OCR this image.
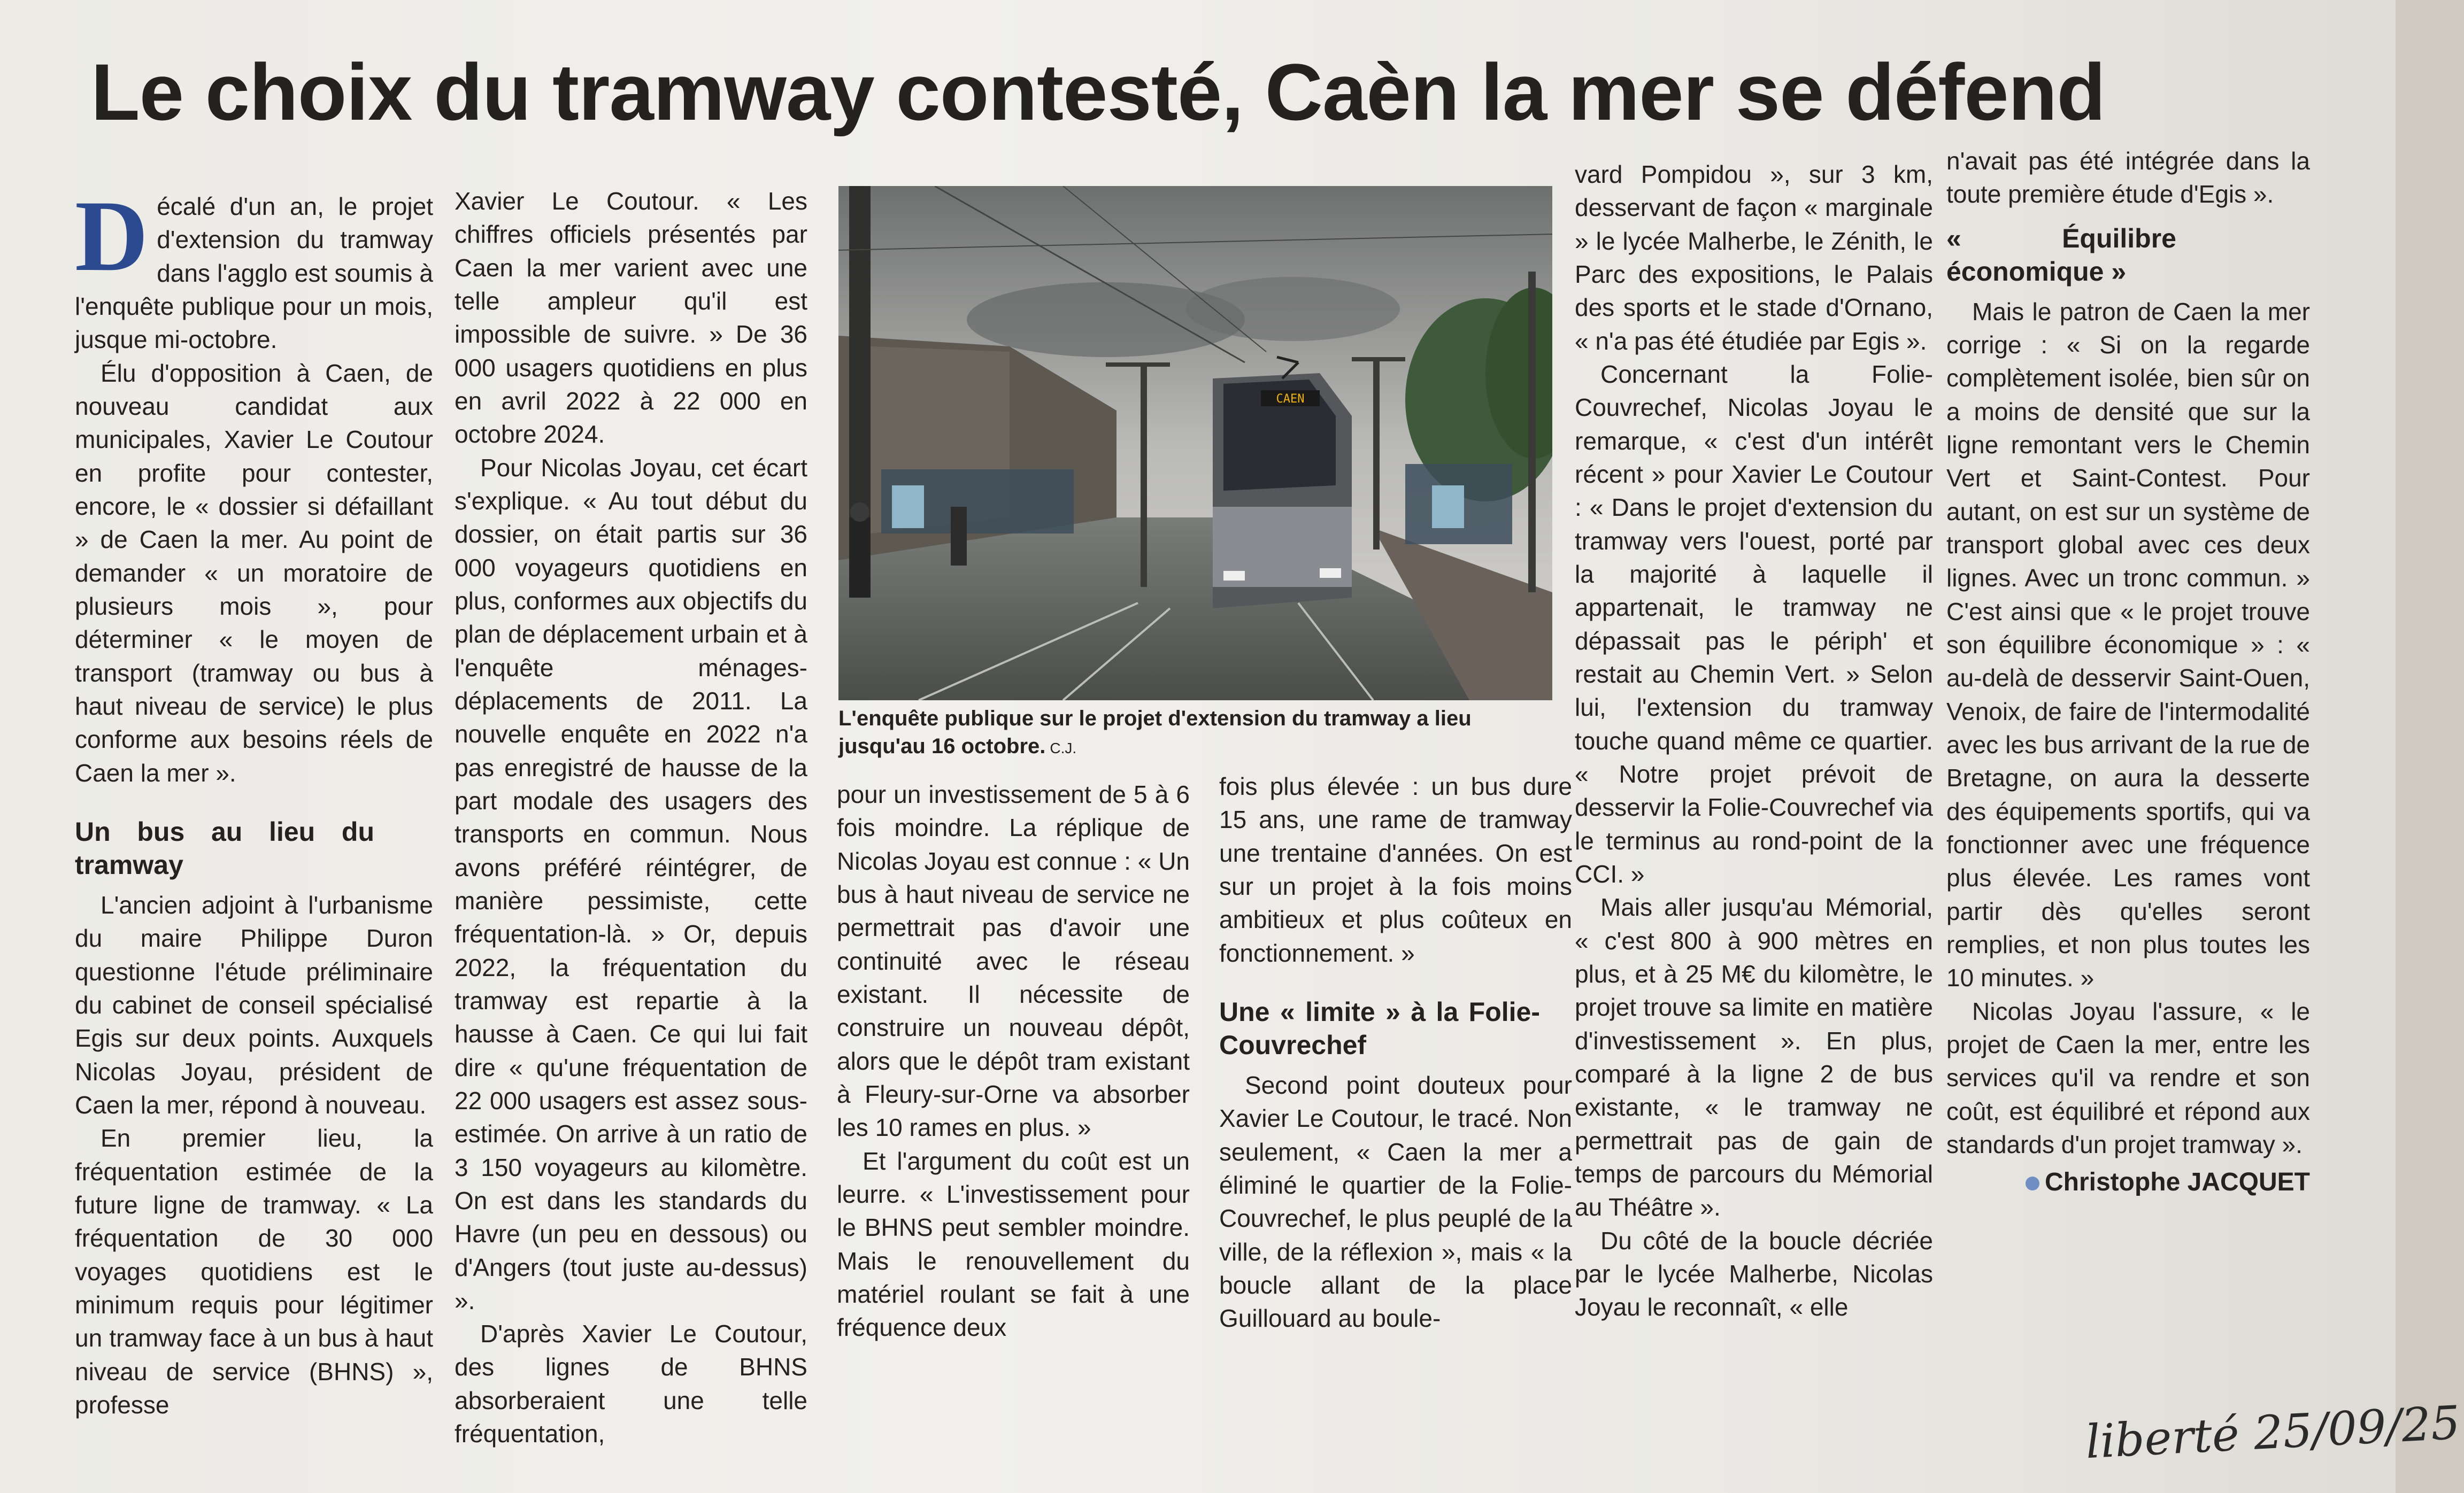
Le choix du tramway contesté, Caèn la mer se défend

Décalé d'un an, le projet d'extension du tramway dans l'agglo est soumis à l'enquête publique pour un mois, jusque mi-octobre.

Élu d'opposition à Caen, de nouveau candidat aux municipales, Xavier Le Coutour en profite pour contester, encore, le « dossier si défaillant » de Caen la mer. Au point de demander « un moratoire de plusieurs mois », pour déterminer « le moyen de transport (tramway ou bus à haut niveau de service) le plus conforme aux besoins réels de Caen la mer ».

Un bus au lieu du tramway

L'ancien adjoint à l'urbanisme du maire Philippe Duron questionne l'étude préliminaire du cabinet de conseil spécialisé Egis sur deux points. Auxquels Nicolas Joyau, président de Caen la mer, répond à nouveau.

En premier lieu, la fréquentation estimée de la future ligne de tramway. « La fréquentation de 30 000 voyages quotidiens est le minimum requis pour légitimer un tramway face à un bus à haut niveau de service (BHNS) », professe

Xavier Le Coutour. « Les chiffres officiels présentés par Caen la mer varient avec une telle ampleur qu'il est impossible de suivre. » De 36 000 usagers quotidiens en plus en avril 2022 à 22 000 en octobre 2024.

Pour Nicolas Joyau, cet écart s'explique. « Au tout début du dossier, on était partis sur 36 000 voyageurs quotidiens en plus, conformes aux objectifs du plan de déplacement urbain et à l'enquête ménages-déplacements de 2011. La nouvelle enquête en 2022 n'a pas enregistré de hausse de la part modale des usagers des transports en commun. Nous avons préféré réintégrer, de manière pessimiste, cette fréquentation-là. » Or, depuis 2022, la fréquentation du tramway est repartie à la hausse à Caen. Ce qui lui fait dire « qu'une fréquentation de 22 000 usagers est assez sous-estimée. On arrive à un ratio de 3 150 voyageurs au kilomètre. On est dans les standards du Havre (un peu en dessous) ou d'Angers (tout juste au-dessus) ».

D'après Xavier Le Coutour, des lignes de BHNS absorberaient une telle fréquentation,

CAEN
L'enquête publique sur le projet d'extension du tramway a lieu jusqu'au 16 octobre. C.J.

pour un investissement de 5 à 6 fois moindre. La réplique de Nicolas Joyau est connue : « Un bus à haut niveau de service ne permettrait pas d'avoir une continuité avec le réseau existant. Il nécessite de construire un nouveau dépôt, alors que le dépôt tram existant à Fleury-sur-Orne va absorber les 10 rames en plus. »

Et l'argument du coût est un leurre. « L'investissement pour le BHNS peut sembler moindre. Mais le renouvellement du matériel roulant se fait à une fréquence deux

fois plus élevée : un bus dure 15 ans, une rame de tramway une trentaine d'années. On est sur un projet à la fois moins ambitieux et plus coûteux en fonctionnement. »

Une « limite » à la Folie-Couvrechef

Second point douteux pour Xavier Le Coutour, le tracé. Non seulement, « Caen la mer a éliminé le quartier de la Folie-Couvrechef, le plus peuplé de la ville, de la réflexion », mais « la boucle allant de la place Guillouard au boule-

vard Pompidou », sur 3 km, desservant de façon « marginale » le lycée Malherbe, le Zénith, le Parc des expositions, le Palais des sports et le stade d'Ornano, « n'a pas été étudiée par Egis ».

Concernant la Folie-Couvrechef, Nicolas Joyau le remarque, « c'est d'un intérêt récent » pour Xavier Le Coutour : « Dans le projet d'extension du tramway vers l'ouest, porté par la majorité à laquelle il appartenait, le tramway ne dépassait pas le périph' et restait au Chemin Vert. » Selon lui, l'extension du tramway touche quand même ce quartier. « Notre projet prévoit de desservir la Folie-Couvrechef via le terminus au rond-point de la CCI. »

Mais aller jusqu'au Mémorial, « c'est 800 à 900 mètres en plus, et à 25 M€ du kilomètre, le projet trouve sa limite en matière d'investissement ». En plus, comparé à la ligne 2 de bus existante, « le tramway ne permettrait pas de gain de temps de parcours du Mémorial au Théâtre ».

Du côté de la boucle décriée par le lycée Malherbe, Nicolas Joyau le reconnaît, « elle

n'avait pas été intégrée dans la toute première étude d'Egis ».

« Équilibre économique »

Mais le patron de Caen la mer corrige : « Si on la regarde complètement isolée, bien sûr on a moins de densité que sur la ligne remontant vers le Chemin Vert et Saint-Contest. Pour autant, on est sur un système de transport global avec ces deux lignes. Avec un tronc commun. » C'est ainsi que « le projet trouve son équilibre économique » : « au-delà de desservir Saint-Ouen, Venoix, de faire de l'intermodalité avec les bus arrivant de la rue de Bretagne, on aura la desserte des équipements sportifs, qui va fonctionner avec une fréquence plus élevée. Les rames vont partir dès qu'elles seront remplies, et non plus toutes les 10 minutes. »

Nicolas Joyau l'assure, « le projet de Caen la mer, entre les services qu'il va rendre et son coût, est équilibré et répond aux standards d'un projet tramway ».

Christophe JACQUET
liberté 25/09/25
